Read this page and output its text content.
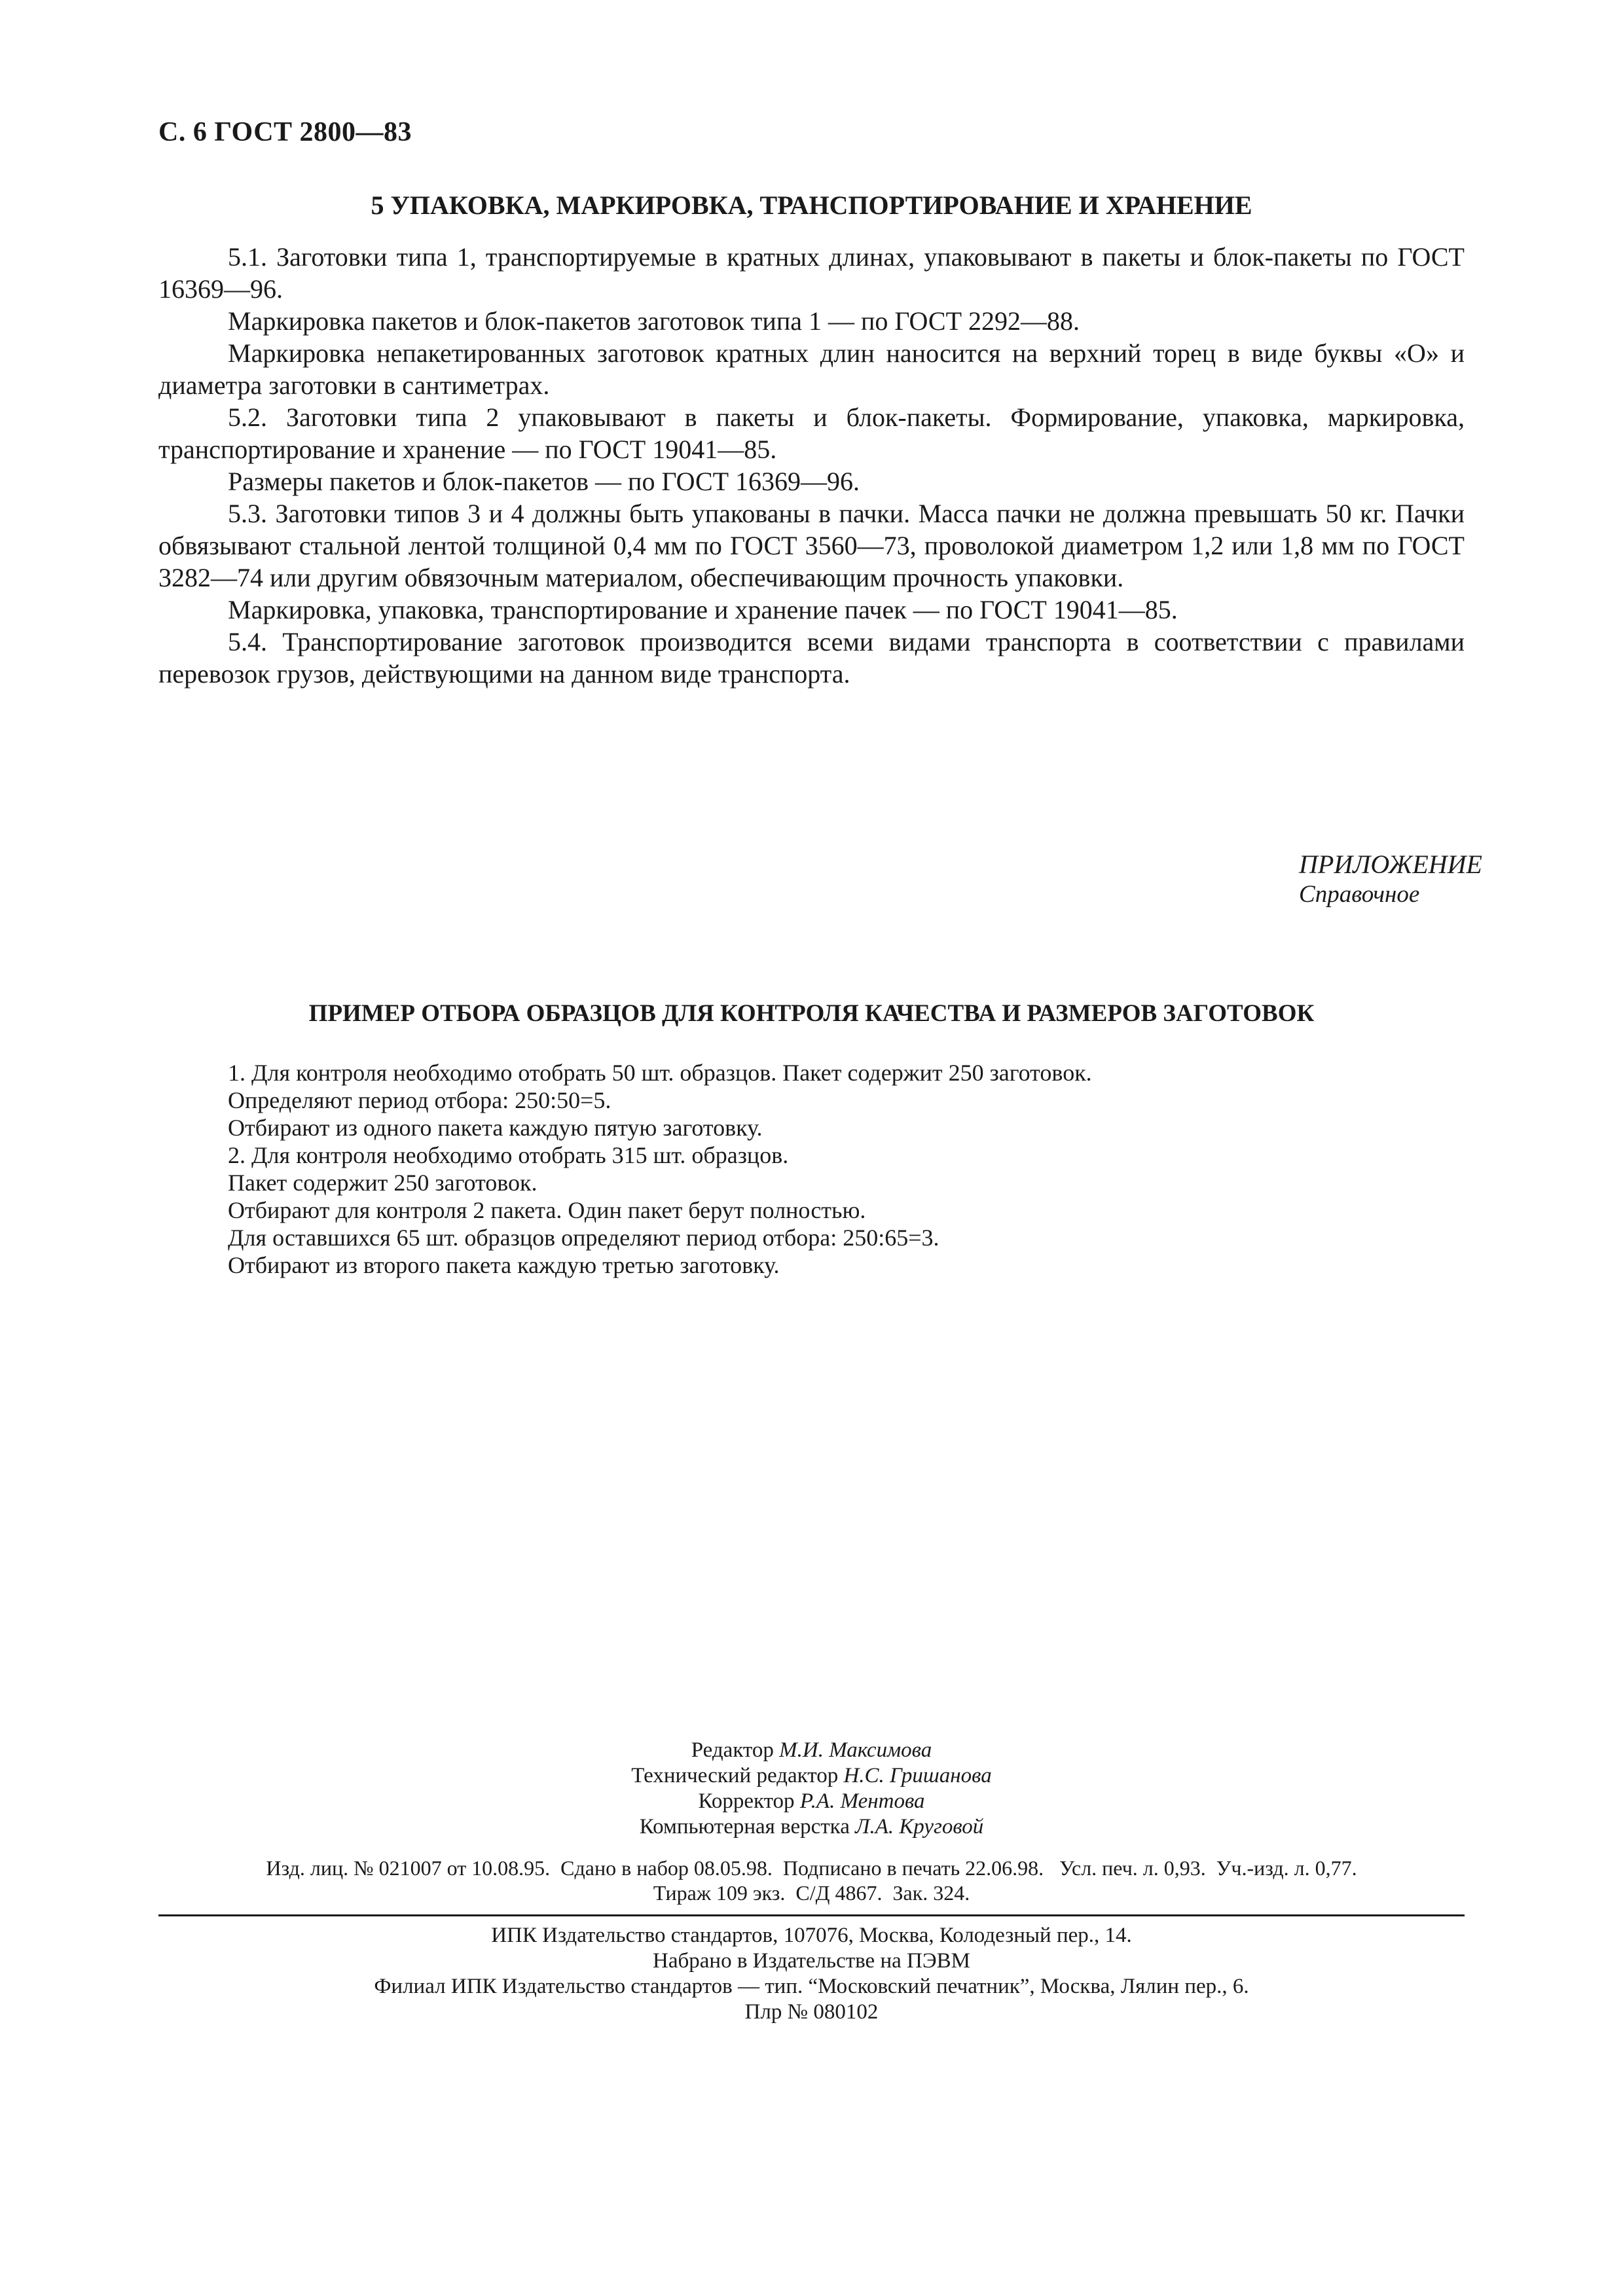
С. 6 ГОСТ 2800—83
5 УПАКОВКА, МАРКИРОВКА, ТРАНСПОРТИРОВАНИЕ И ХРАНЕНИЕ

5.1. Заготовки типа 1, транспортируемые в кратных длинах, упаковывают в пакеты и блок-пакеты по ГОСТ 16369—96.

Маркировка пакетов и блок-пакетов заготовок типа 1 — по ГОСТ 2292—88.

Маркировка непакетированных заготовок кратных длин наносится на верхний торец в виде буквы «О» и диаметра заготовки в сантиметрах.

5.2. Заготовки типа 2 упаковывают в пакеты и блок-пакеты. Формирование, упаковка, маркировка, транспортирование и хранение — по ГОСТ 19041—85.

Размеры пакетов и блок-пакетов — по ГОСТ 16369—96.

5.3. Заготовки типов 3 и 4 должны быть упакованы в пачки. Масса пачки не должна превышать 50 кг. Пачки обвязывают стальной лентой толщиной 0,4 мм по ГОСТ 3560—73, проволокой диаметром 1,2 или 1,8 мм по ГОСТ 3282—74 или другим обвязочным материалом, обеспечивающим прочность упаковки.

Маркировка, упаковка, транспортирование и хранение пачек — по ГОСТ 19041—85.

5.4. Транспортирование заготовок производится всеми видами транспорта в соответствии с правилами перевозок грузов, действующими на данном виде транспорта.

ПРИЛОЖЕНИЕ
Справочное
ПРИМЕР ОТБОРА ОБРАЗЦОВ ДЛЯ КОНТРОЛЯ КАЧЕСТВА И РАЗМЕРОВ ЗАГОТОВОК

1. Для контроля необходимо отобрать 50 шт. образцов. Пакет содержит 250 заготовок.

Определяют период отбора: 250:50=5.

Отбирают из одного пакета каждую пятую заготовку.

2. Для контроля необходимо отобрать 315 шт. образцов.

Пакет содержит 250 заготовок.

Отбирают для контроля 2 пакета. Один пакет берут полностью.

Для оставшихся 65 шт. образцов определяют период отбора: 250:65=3.

Отбирают из второго пакета каждую третью заготовку.

Редактор М.И. Максимова

Технический редактор Н.С. Гришанова

Корректор Р.А. Ментова

Компьютерная верстка Л.А. Круговой

Изд. лиц. № 021007 от 10.08.95.  Сдано в набор 08.05.98.  Подписано в печать 22.06.98.   Усл. печ. л. 0,93.  Уч.-изд. л. 0,77.

Тираж 109 экз.  С/Д 4867.  Зак. 324.

ИПК Издательство стандартов, 107076, Москва, Колодезный пер., 14.

Набрано в Издательстве на ПЭВМ

Филиал ИПК Издательство стандартов — тип. “Московский печатник”, Москва, Лялин пер., 6.

Плр № 080102
